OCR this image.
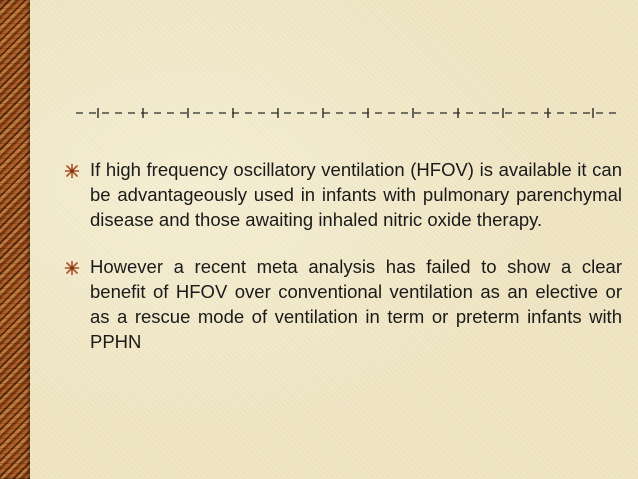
If high frequency oscillatory ventilation (HFOV) is available it can be advantageously used in infants with pulmonary parenchymal disease and those awaiting inhaled nitric oxide therapy.
However a recent meta analysis has failed to show a clear benefit of HFOV over conventional ventilation as an elective or as a rescue mode of ventilation in term or preterm infants with PPHN
